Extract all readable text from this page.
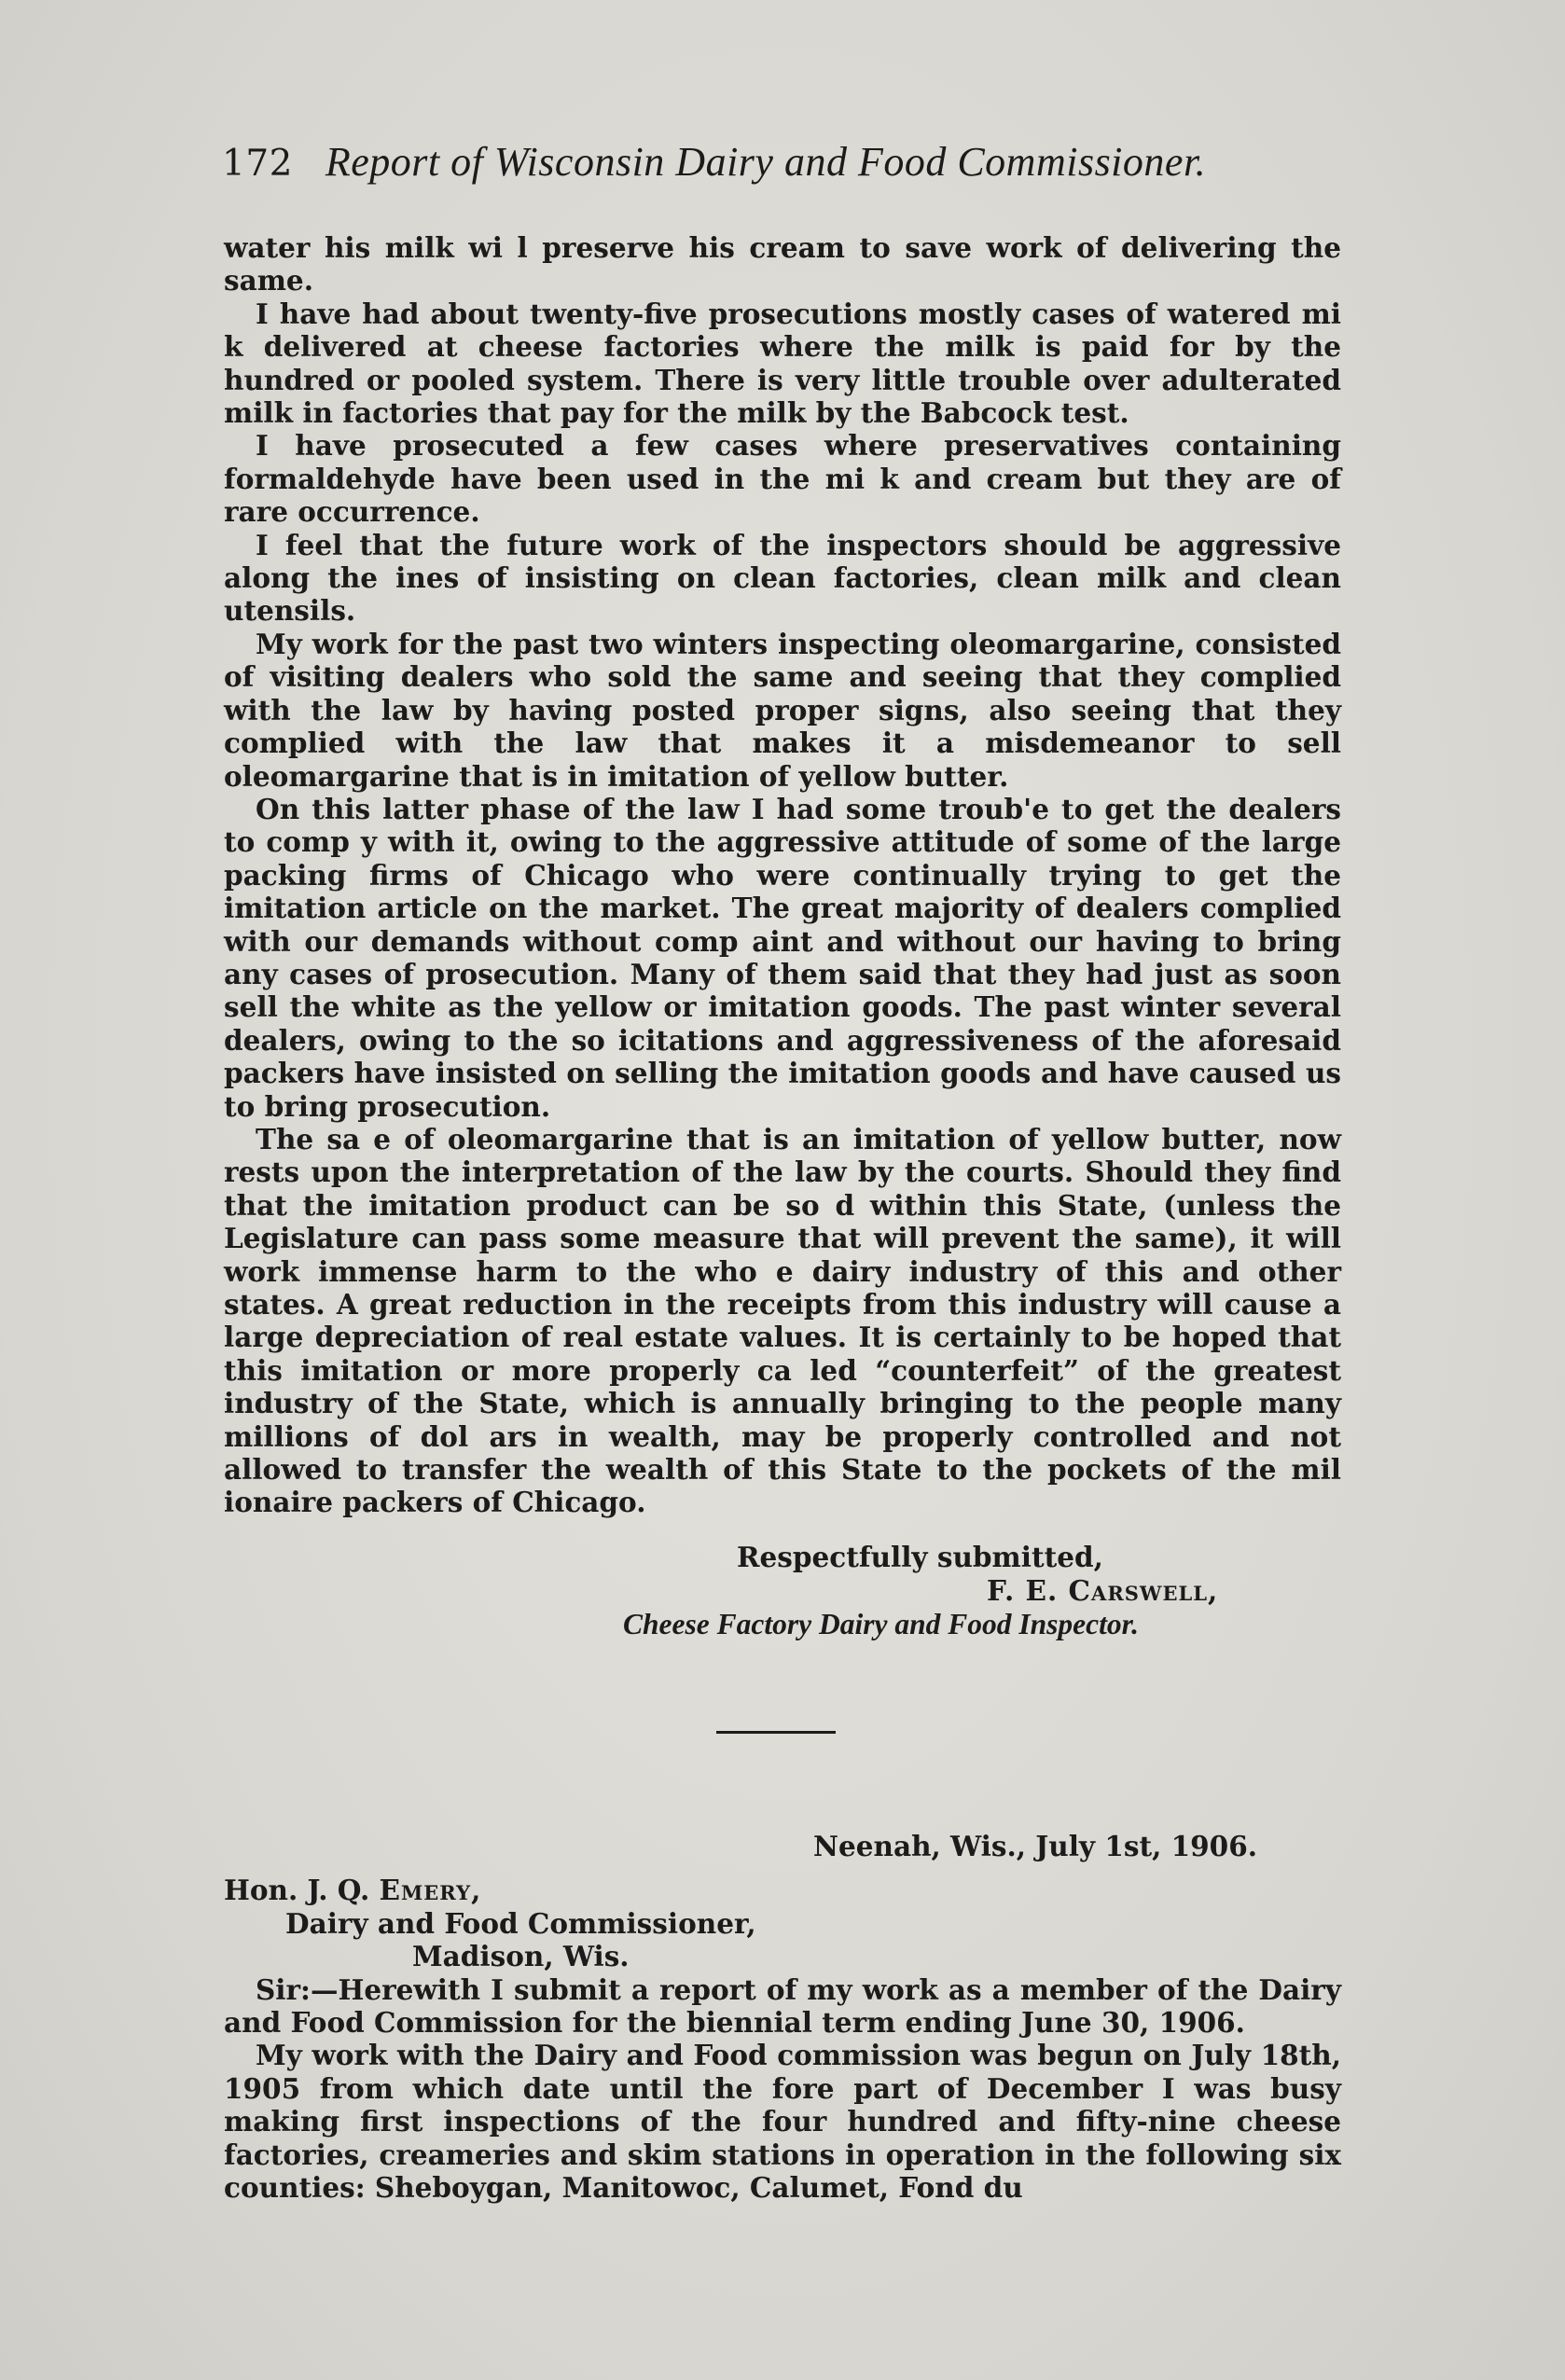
172 Report of Wisconsin Dairy and Food Commissioner.

water his milk wi l preserve his cream to save work of delivering the same.

I have had about twenty-five prosecutions mostly cases of watered mi k delivered at cheese factories where the milk is paid for by the hundred or pooled system. There is very little trouble over adulterated milk in factories that pay for the milk by the Babcock test.

I have prosecuted a few cases where preservatives containing formaldehyde have been used in the mi k and cream but they are of rare occurrence.

I feel that the future work of the inspectors should be aggressive along the ines of insisting on clean factories, clean milk and clean utensils.

My work for the past two winters inspecting oleomargarine, consisted of visiting dealers who sold the same and seeing that they complied with the law by having posted proper signs, also seeing that they complied with the law that makes it a misdemeanor to sell oleomargarine that is in imitation of yellow butter.

On this latter phase of the law I had some troub'e to get the dealers to comp y with it, owing to the aggressive attitude of some of the large packing firms of Chicago who were continually trying to get the imitation article on the market. The great majority of dealers complied with our demands without comp aint and without our having to bring any cases of prosecution. Many of them said that they had just as soon sell the white as the yellow or imitation goods. The past winter several dealers, owing to the so icitations and aggressiveness of the aforesaid packers have insisted on selling the imitation goods and have caused us to bring prosecution.

The sa e of oleomargarine that is an imitation of yellow butter, now rests upon the interpretation of the law by the courts. Should they find that the imitation product can be so d within this State, (unless the Legislature can pass some measure that will prevent the same), it will work immense harm to the who e dairy industry of this and other states. A great reduction in the receipts from this industry will cause a large depreciation of real estate values. It is certainly to be hoped that this imitation or more properly ca led “counterfeit” of the greatest industry of the State, which is annually bringing to the people many millions of dol ars in wealth, may be properly controlled and not allowed to transfer the wealth of this State to the pockets of the mil ionaire packers of Chicago.

Respectfully submitted,
F. E. Carswell,
Cheese Factory Dairy and Food Inspector.
Neenah, Wis., July 1st, 1906.
Hon. J. Q. Emery,
Dairy and Food Commissioner,
Madison, Wis.

Sir:—Herewith I submit a report of my work as a member of the Dairy and Food Commission for the biennial term ending June 30, 1906.

My work with the Dairy and Food commission was begun on July 18th, 1905 from which date until the fore part of December I was busy making first inspections of the four hundred and fifty-nine cheese factories, creameries and skim stations in operation in the following six counties: Sheboygan, Manitowoc, Calumet, Fond du
